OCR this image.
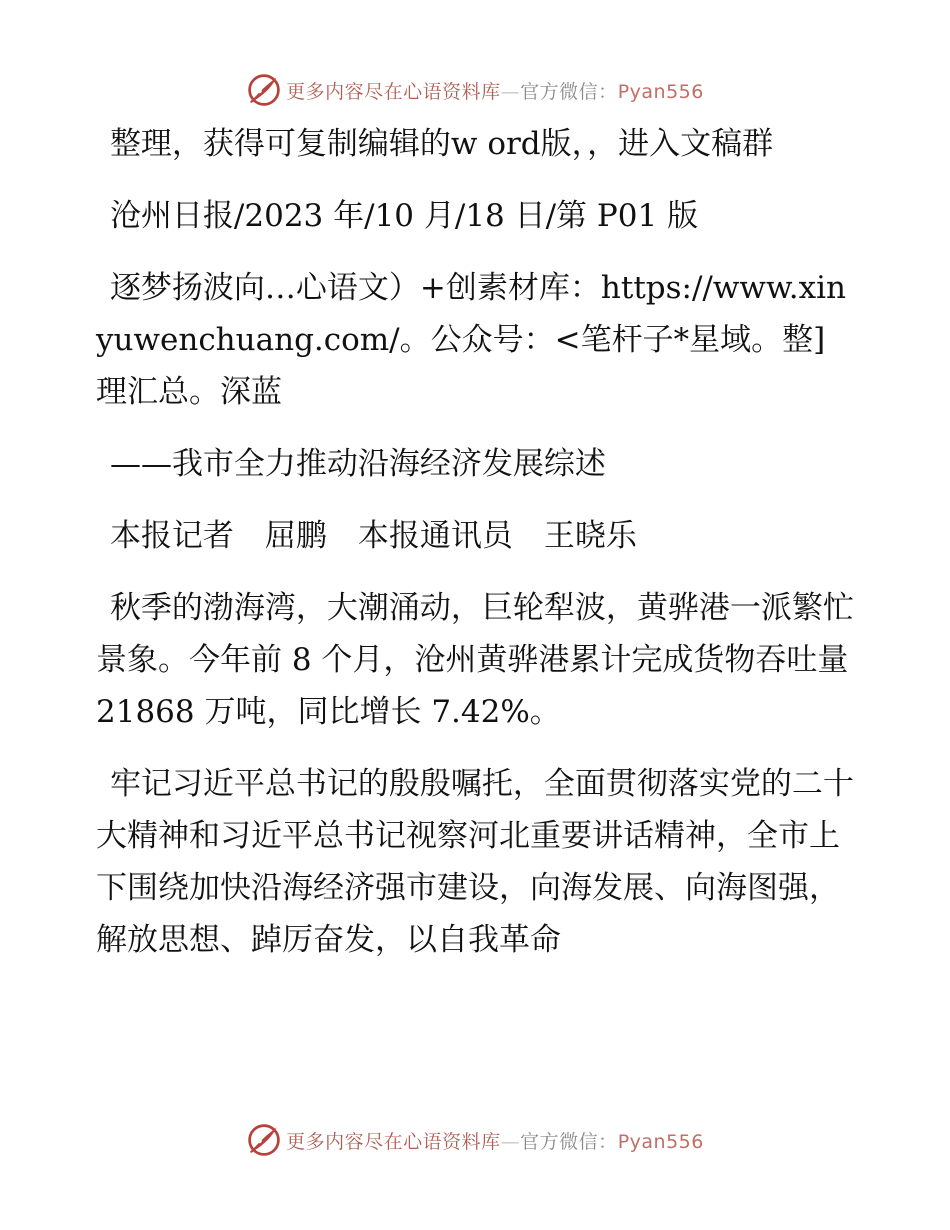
更多内容尽在心语资料库—官方微信：Pyan556

整理，获得可复制编辑的w ord版，，进入文稿群

沧州日报/2023 年/10 月/18 日/第 P01 版

逐梦扬波向…心语文）+创素材库：https://www.xinyuwenchuang.com/。公众号：<笔杆子*星域。整]理汇总。深蓝

——我市全力推动沿海经济发展综述

本报记者　屈鹏　本报通讯员　王晓乐

秋季的渤海湾，大潮涌动，巨轮犁波，黄骅港一派繁忙景象。今年前 8 个月，沧州黄骅港累计完成货物吞吐量 21868 万吨，同比增长 7.42%。

牢记习近平总书记的殷殷嘱托，全面贯彻落实党的二十大精神和习近平总书记视察河北重要讲话精神，全市上下围绕加快沿海经济强市建设，向海发展、向海图强，解放思想、踔厉奋发，以自我革命

更多内容尽在心语资料库—官方微信：Pyan556
